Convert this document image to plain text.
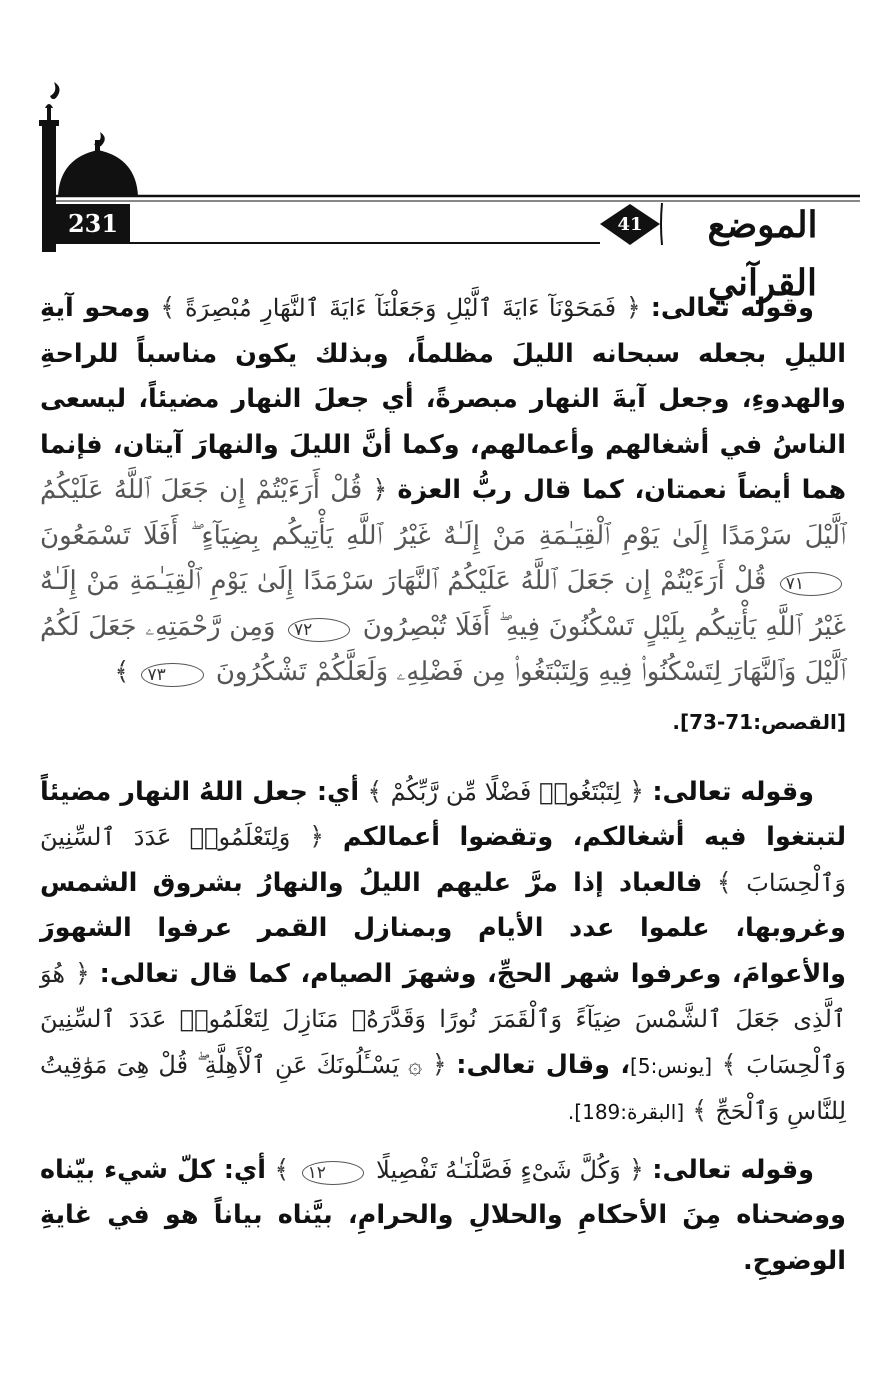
231	41	الموضع القرآني

وقوله تعالى: ﴿ فَمَحَوْنَآ ءَايَةَ ٱلَّيْلِ وَجَعَلْنَآ ءَايَةَ ٱلنَّهَارِ مُبْصِرَةً ﴾ ومحو آيةِ الليلِ بجعله سبحانه الليلَ مظلماً، وبذلك يكون مناسباً للراحةِ والهدوءِ، وجعل آيةَ النهار مبصرةً، أي جعلَ النهار مضيئاً، ليسعى الناسُ في أشغالهم وأعمالهم، وكما أنَّ الليلَ والنهارَ آيتان، فإنما هما أيضاً نعمتان، كما قال ربُّ العزة ﴿ قُلْ أَرَءَيْتُمْ إِن جَعَلَ ٱللَّهُ عَلَيْكُمُ ٱلَّيْلَ سَرْمَدًا إِلَىٰ يَوْمِ ٱلْقِيَـٰمَةِ مَنْ إِلَـٰهٌ غَيْرُ ٱللَّهِ يَأْتِيكُم بِضِيَآءٍ ۖ أَفَلَا تَسْمَعُونَ ٧١ قُلْ أَرَءَيْتُمْ إِن جَعَلَ ٱللَّهُ عَلَيْكُمُ ٱلنَّهَارَ سَرْمَدًا إِلَىٰ يَوْمِ ٱلْقِيَـٰمَةِ مَنْ إِلَـٰهٌ غَيْرُ ٱللَّهِ يَأْتِيكُم بِلَيْلٍ تَسْكُنُونَ فِيهِ ۖ أَفَلَا تُبْصِرُونَ ٧٢ وَمِن رَّحْمَتِهِۦ جَعَلَ لَكُمُ ٱلَّيْلَ وَٱلنَّهَارَ لِتَسْكُنُوا۟ فِيهِ وَلِتَبْتَغُوا۟ مِن فَضْلِهِۦ وَلَعَلَّكُمْ تَشْكُرُونَ ٧٣ ﴾

[القصص:71-73].

وقوله تعالى: ﴿ لِتَبْتَغُوا۟ فَضْلًا مِّن رَّبِّكُمْ ﴾ أي: جعل اللهُ النهار مضيئاً لتبتغوا فيه أشغالكم، وتقضوا أعمالكم ﴿ وَلِتَعْلَمُوا۟ عَدَدَ ٱلسِّنِينَ وَٱلْحِسَابَ ﴾ فالعباد إذا مرَّ عليهم الليلُ والنهارُ بشروق الشمس وغروبها، علموا عدد الأيام وبمنازل القمر عرفوا الشهورَ والأعوامَ، وعرفوا شهر الحجِّ، وشهرَ الصيام، كما قال تعالى: ﴿ هُوَ ٱلَّذِى جَعَلَ ٱلشَّمْسَ ضِيَآءً وَٱلْقَمَرَ نُورًا وَقَدَّرَهُۥ مَنَازِلَ لِتَعْلَمُوا۟ عَدَدَ ٱلسِّنِينَ وَٱلْحِسَابَ ﴾ [يونس:5]، وقال تعالى: ﴿ ۞ يَسْـَٔلُونَكَ عَنِ ٱلْأَهِلَّةِ ۖ قُلْ هِىَ مَوَٰقِيتُ لِلنَّاسِ وَٱلْحَجِّ ﴾ [البقرة:189].

وقوله تعالى: ﴿ وَكُلَّ شَىْءٍ فَصَّلْنَـٰهُ تَفْصِيلًا ١٢ ﴾ أي: كلّ شيء بيّناه ووضحناه مِنَ الأحكامِ والحلالِ والحرامِ، بيَّناه بياناً هو في غايةِ الوضوحِ.
